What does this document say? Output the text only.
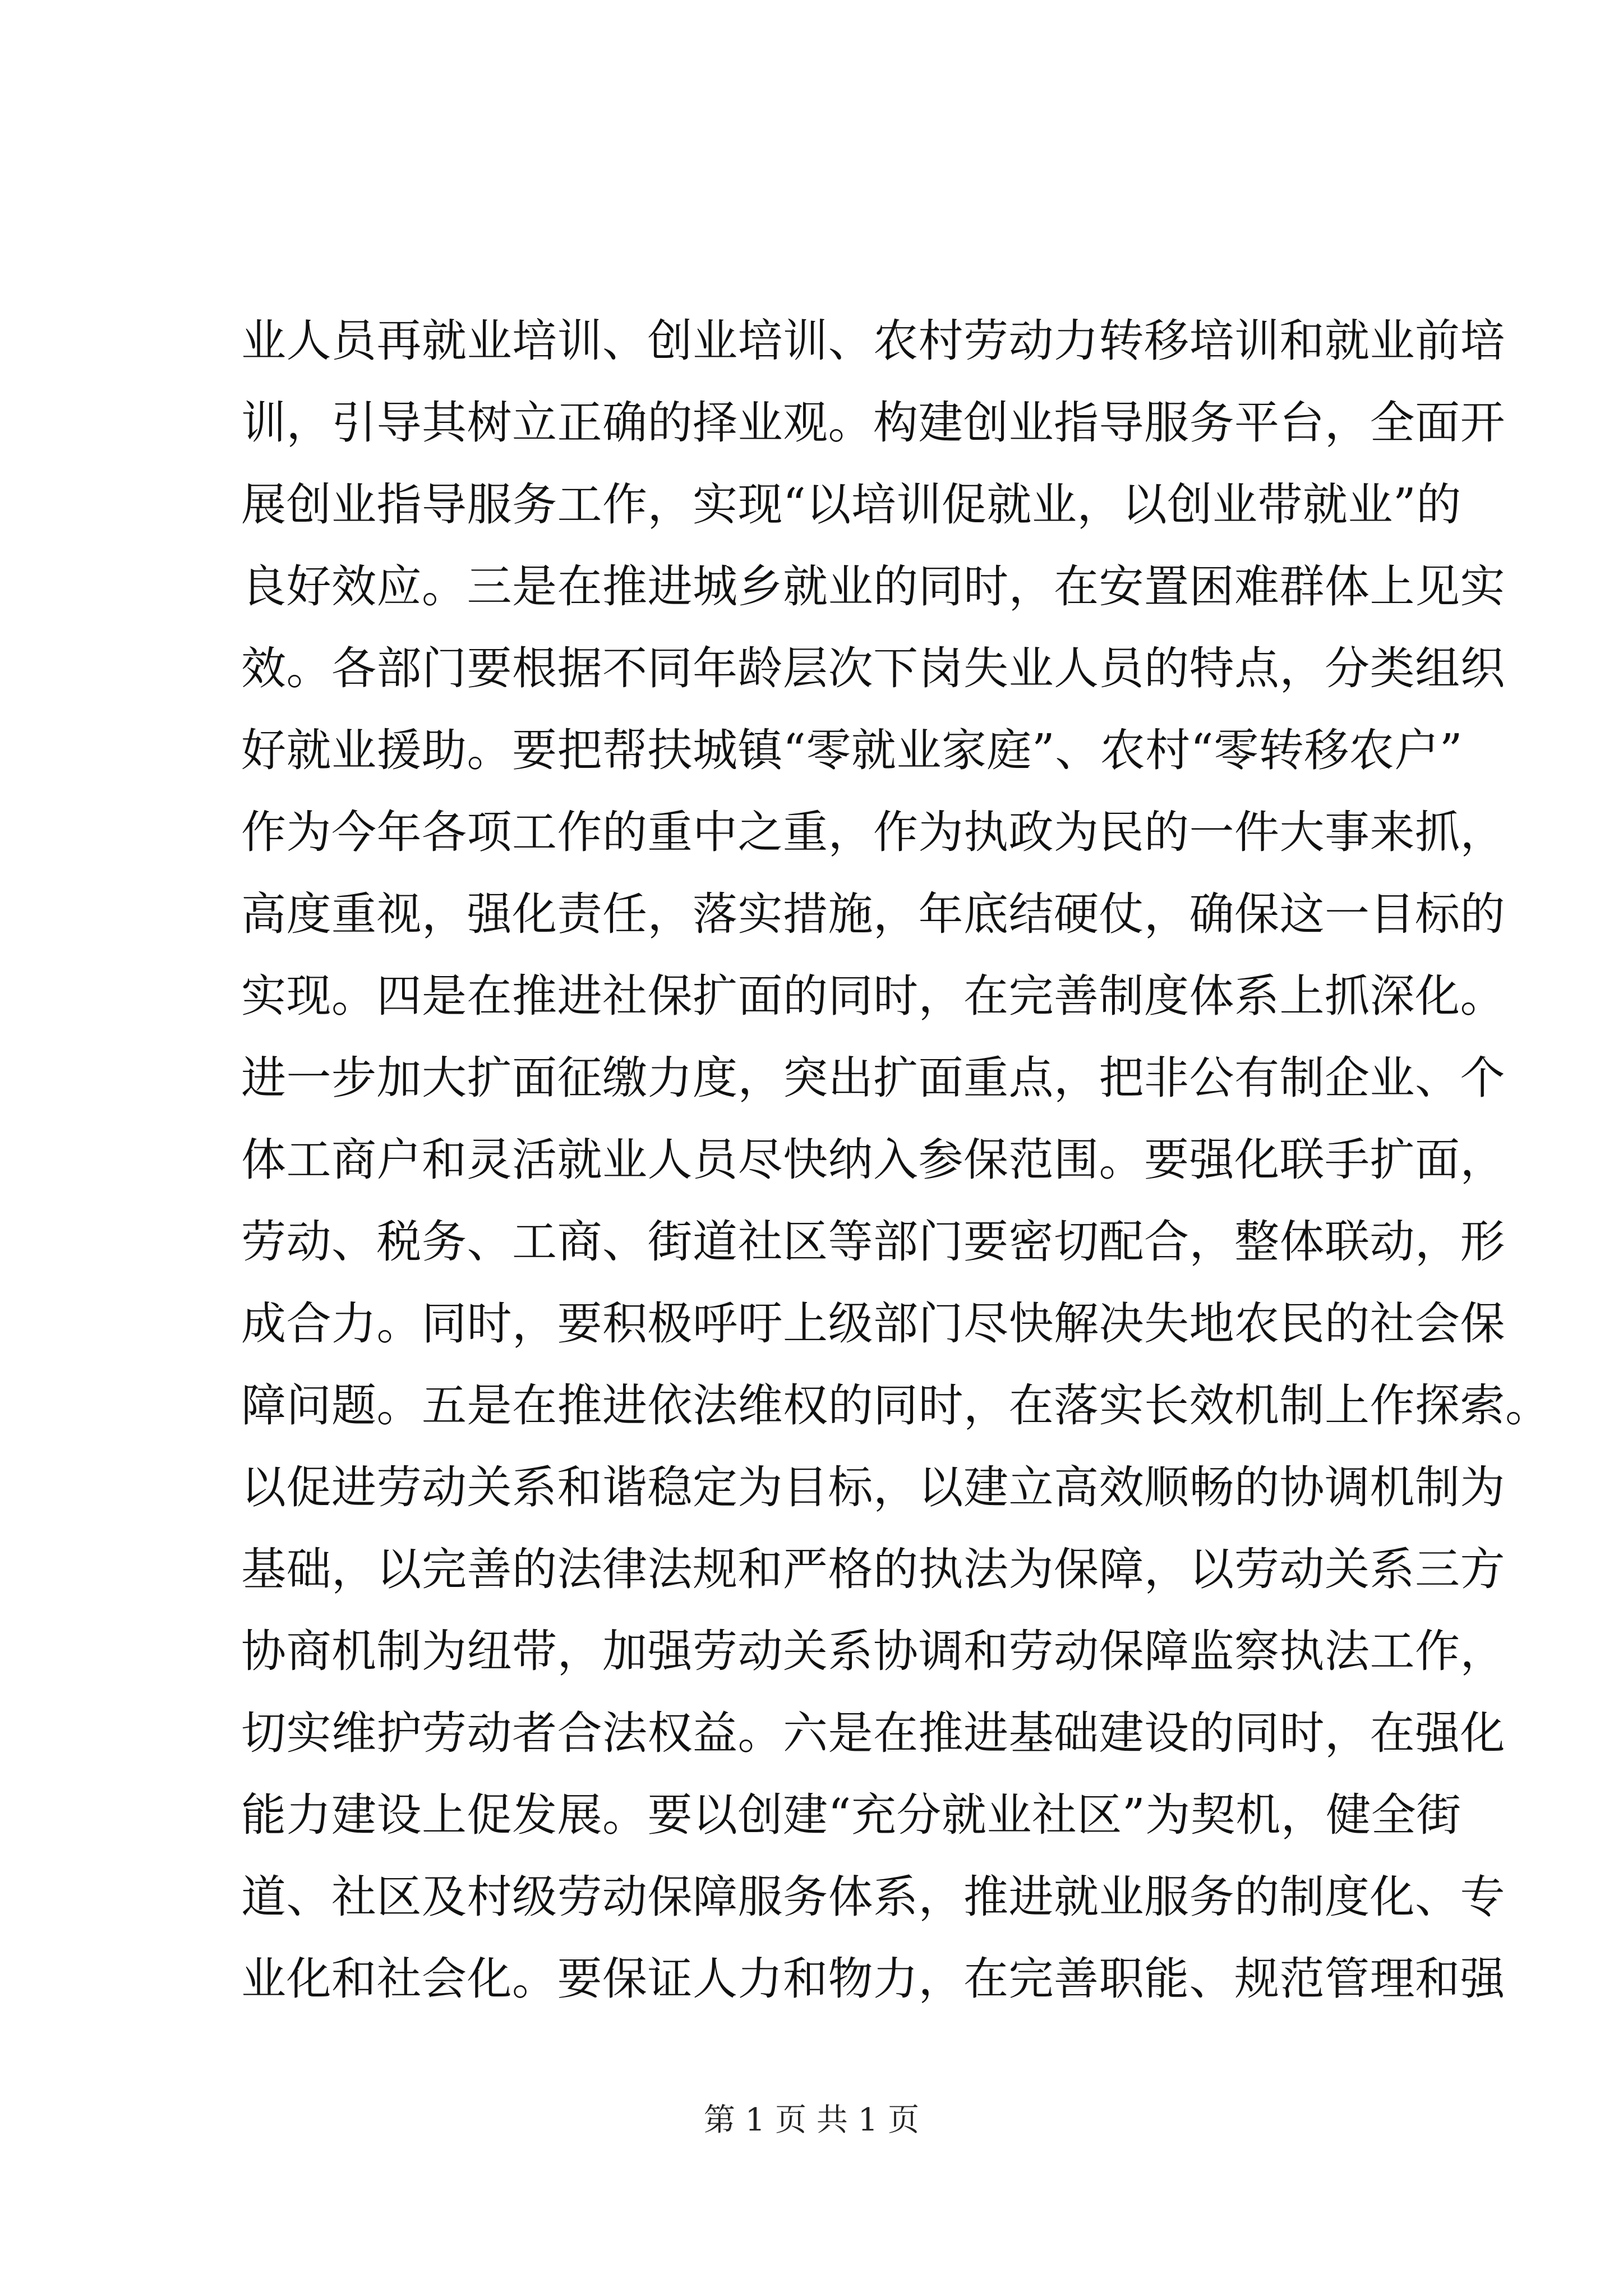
业人员再就业培训、创业培训、农村劳动力转移培训和就业前培
训，引导其树立正确的择业观。构建创业指导服务平台，全面开
展创业指导服务工作，实现“以培训促就业，以创业带就业”的
良好效应。三是在推进城乡就业的同时，在安置困难群体上见实
效。各部门要根据不同年龄层次下岗失业人员的特点，分类组织
好就业援助。要把帮扶城镇“零就业家庭”、农村“零转移农户”
作为今年各项工作的重中之重，作为执政为民的一件大事来抓，
高度重视，强化责任，落实措施，年底结硬仗，确保这一目标的
实现。四是在推进社保扩面的同时，在完善制度体系上抓深化。
进一步加大扩面征缴力度，突出扩面重点，把非公有制企业、个
体工商户和灵活就业人员尽快纳入参保范围。要强化联手扩面，
劳动、税务、工商、街道社区等部门要密切配合，整体联动，形
成合力。同时，要积极呼吁上级部门尽快解决失地农民的社会保
障问题。五是在推进依法维权的同时，在落实长效机制上作探索。
以促进劳动关系和谐稳定为目标，以建立高效顺畅的协调机制为
基础，以完善的法律法规和严格的执法为保障，以劳动关系三方
协商机制为纽带，加强劳动关系协调和劳动保障监察执法工作，
切实维护劳动者合法权益。六是在推进基础建设的同时，在强化
能力建设上促发展。要以创建“充分就业社区”为契机，健全街
道、社区及村级劳动保障服务体系，推进就业服务的制度化、专
业化和社会化。要保证人力和物力，在完善职能、规范管理和强
第 1 页 共 1 页
